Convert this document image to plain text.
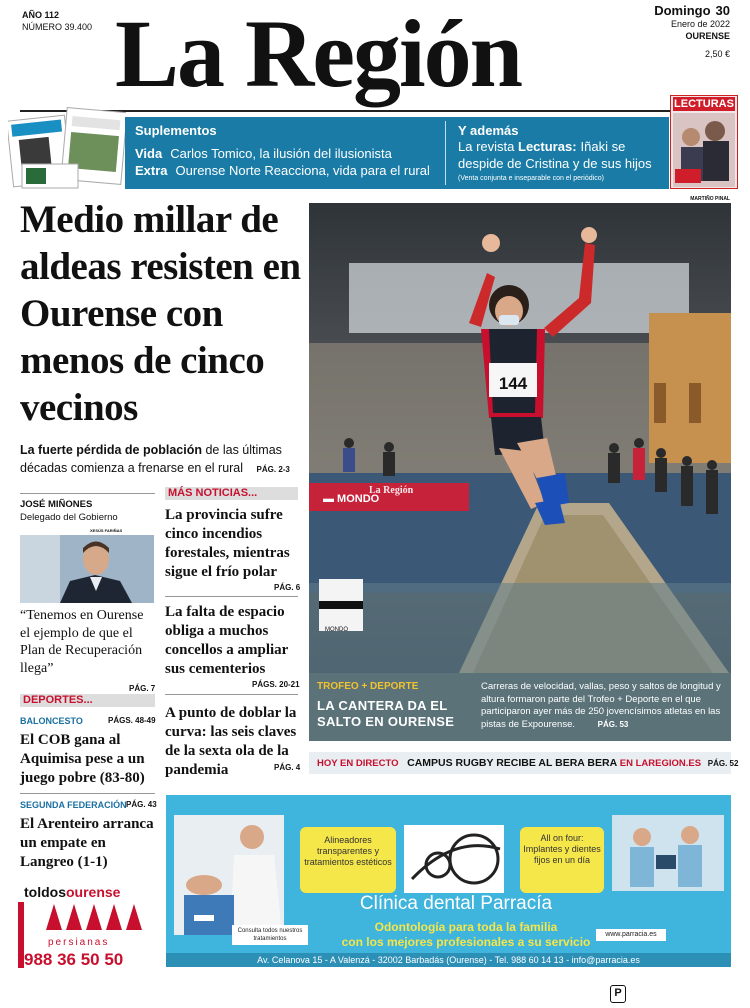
AÑO 112
NÚMERO 39.400 La Región	Domingo 30
Enero de 2022
OURENSE
2,50 €
LECTURAS
Suplementos
Vida Carlos Tomico, la ilusión del ilusionista
Extra Ourense Norte Reacciona, vida para el rural
Y además
La revista Lecturas: Iñaki se
despide de Cristina y de sus hijos
(Venta conjunta e inseparable con el periódico)
Medio millar de aldeas resisten en Ourense con menos de cinco vecinos
La fuerte pérdida de población de las últimas décadas comienza a frenarse en el rural PÁG. 2-3
MARTIÑO PINAL
▬ MONDO
MONDO
144
La Región
TROFEO + DEPORTE
LA CANTERA DA EL SALTO EN OURENSE
Carreras de velocidad, vallas, peso y saltos de longitud y altura formaron parte del Trofeo + Deporte en el que participaron ayer más de 250 jovencísimos atletas en las pistas de Expourense.	PÁG. 53
HOY EN DIRECTO CAMPUS RUGBY RECIBE AL BERA BERA EN LAREGION.ES PÁG. 52
JOSÉ MIÑONES
Delegado del Gobierno
XESÚS FARIÑAS
“Tenemos en Ourense el ejemplo de que el Plan de Recuperación llega”
PÁG. 7
DEPORTES...
BALONCESTO	PÁGS. 48-49
El COB gana al Aquimisa pese a un juego pobre (83-80)
SEGUNDA FEDERACIÓN PÁG. 43
El Arenteiro arranca un empate en Langreo (1-1)
MÁS NOTICIAS...
La provincia sufre cinco incendios forestales, mientras sigue el frío polar
PÁG. 6
La falta de espacio obliga a muchos concellos a ampliar sus cementerios
PÁGS. 20-21
A punto de doblar la curva: las seis claves de la sexta ola de la pandemia	PÁG. 4
Alineadores transparentes y tratamientos estéticos
All on four: Implantes y dientes fijos en un día
Consulta todos nuestros tratamientos
www.parracia.es
Clínica dental Parracía
Odontología para toda la familia
con los mejores profesionales a su servicio
Av. Celanova 15 - A Valenzá - 32002 Barbadás (Ourense) - Tel. 988 60 14 13 - info@parracia.es
toldosourense
persianas
988 36 50 50
P
